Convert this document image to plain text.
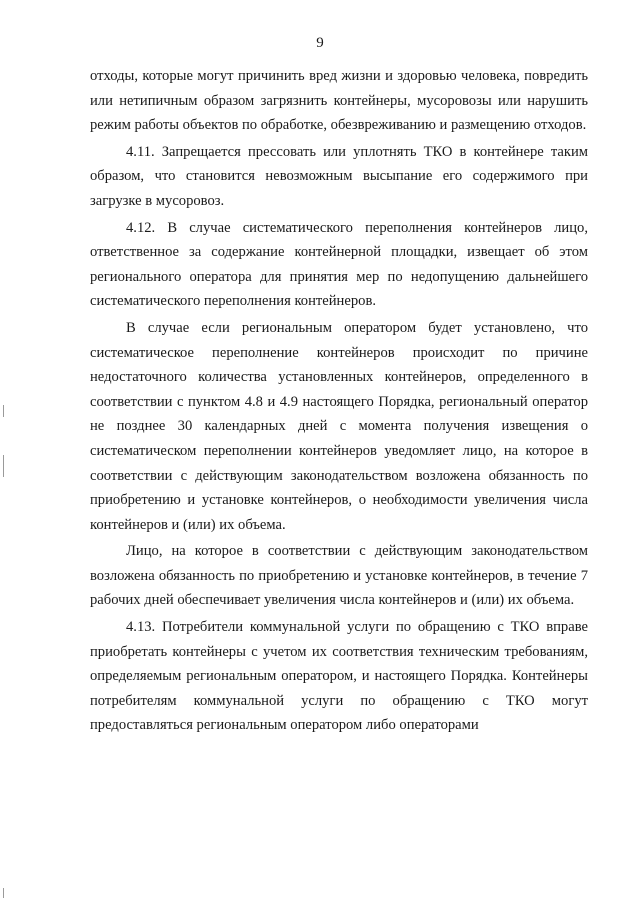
9

отходы, которые могут причинить вред жизни и здоровью человека, повредить или нетипичным образом загрязнить контейнеры, мусоровозы или нарушить режим работы объектов по обработке, обезвреживанию и размещению отходов.

4.11. Запрещается прессовать или уплотнять ТКО в контейнере таким образом, что становится невозможным высыпание его содержимого при загрузке в мусоровоз.

4.12. В случае систематического переполнения контейнеров лицо, ответственное за содержание контейнерной площадки, извещает об этом регионального оператора для принятия мер по недопущению дальнейшего систематического переполнения контейнеров.

В случае если региональным оператором будет установлено, что систематическое переполнение контейнеров происходит по причине недостаточного количества установленных контейнеров, определенного в соответствии с пунктом 4.8 и 4.9 настоящего Порядка, региональный оператор не позднее 30 календарных дней с момента получения извещения о систематическом переполнении контейнеров уведомляет лицо, на которое в соответствии с действующим законодательством возложена обязанность по приобретению и установке контейнеров, о необходимости увеличения числа контейнеров и (или) их объема.

Лицо, на которое в соответствии с действующим законодательством возложена обязанность по приобретению и установке контейнеров, в течение 7 рабочих дней обеспечивает увеличения числа контейнеров и (или) их объема.

4.13. Потребители коммунальной услуги по обращению с ТКО вправе приобретать контейнеры с учетом их соответствия техническим требованиям, определяемым региональным оператором, и настоящего Порядка. Контейнеры потребителям коммунальной услуги по обращению с ТКО могут предоставляться региональным оператором либо операторами
